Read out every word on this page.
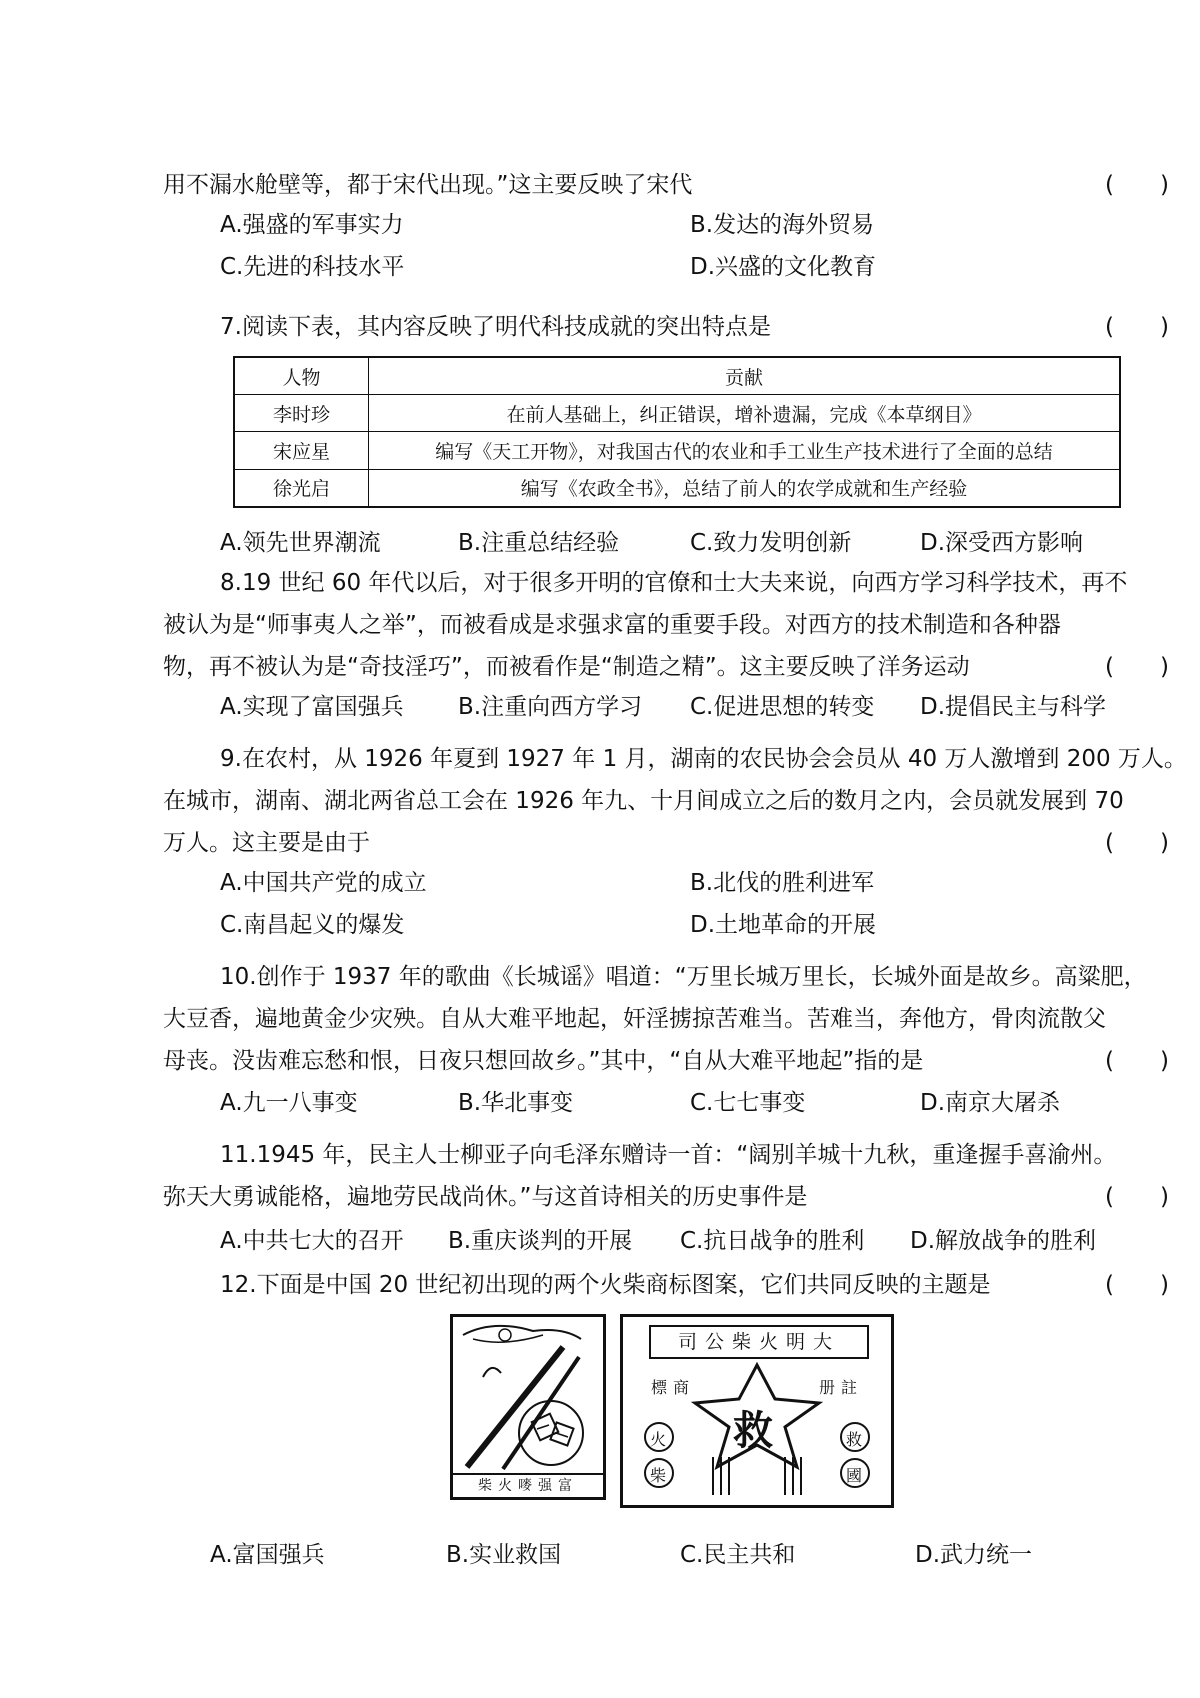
用不漏水舱壁等，都于宋代出现。”这主要反映了宋代	(　　)
A.强盛的军事实力	B.发达的海外贸易
C.先进的科技水平	D.兴盛的文化教育
7.阅读下表，其内容反映了明代科技成就的突出特点是	(　　)
人物	贡献
李时珍	在前人基础上，纠正错误，增补遗漏，完成《本草纲目》
宋应星	编写《天工开物》，对我国古代的农业和手工业生产技术进行了全面的总结
徐光启	编写《农政全书》，总结了前人的农学成就和生产经验
A.领先世界潮流	B.注重总结经验	C.致力发明创新	D.深受西方影响
8.19 世纪 60 年代以后，对于很多开明的官僚和士大夫来说，向西方学习科学技术，再不
被认为是“师事夷人之举”，而被看成是求强求富的重要手段。对西方的技术制造和各种器
物，再不被认为是“奇技淫巧”，而被看作是“制造之精”。这主要反映了洋务运动	(　　)
A.实现了富国强兵 B.注重向西方学习 C.促进思想的转变 D.提倡民主与科学
9.在农村，从 1926 年夏到 1927 年 1 月，湖南的农民协会会员从 40 万人激增到 200 万人。
在城市，湖南、湖北两省总工会在 1926 年九、十月间成立之后的数月之内，会员就发展到 70
万人。这主要是由于	(　　)
A.中国共产党的成立	B.北伐的胜利进军
C.南昌起义的爆发	D.土地革命的开展
10.创作于 1937 年的歌曲《长城谣》唱道：“万里长城万里长，长城外面是故乡。高粱肥，
大豆香，遍地黄金少灾殃。自从大难平地起，奸淫掳掠苦难当。苦难当，奔他方，骨肉流散父
母丧。没齿难忘愁和恨，日夜只想回故乡。”其中，“自从大难平地起”指的是	(　　)
A.九一八事变	B.华北事变	C.七七事变	D.南京大屠杀
11.1945 年，民主人士柳亚子向毛泽东赠诗一首：“阔别羊城十九秋，重逢握手喜渝州。
弥天大勇诚能格，遍地劳民战尚休。”与这首诗相关的历史事件是	(　　)
A.中共七大的召开 B.重庆谈判的开展 C.抗日战争的胜利 D.解放战争的胜利
12.下面是中国 20 世纪初出现的两个火柴商标图案，它们共同反映的主题是	(　　)
柴火嘜强富
司公柴火明大
標商	册註
救
火
柴
救
國
A.富国强兵	B.实业救国	C.民主共和	D.武力统一
